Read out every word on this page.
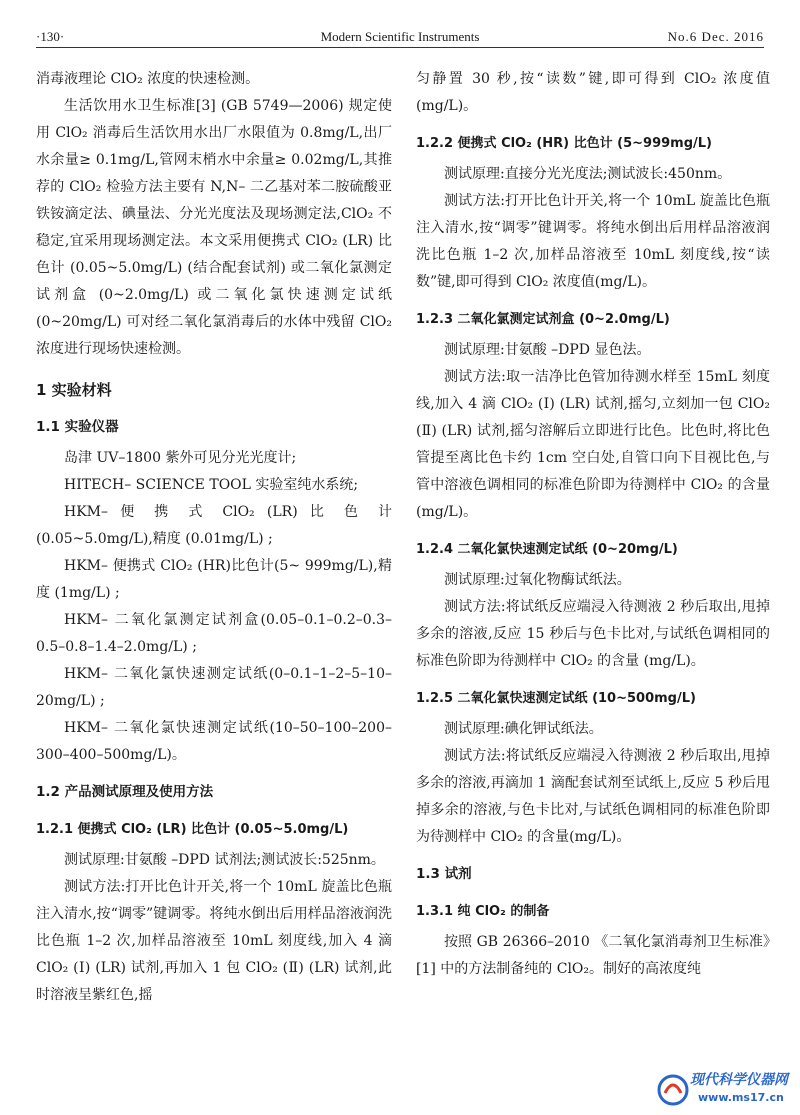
·130·	Modern Scientific Instruments	No.6 Dec. 2016

消毒液理论 ClO₂ 浓度的快速检测。

生活饮用水卫生标准[3] (GB 5749—2006) 规定使用 ClO₂ 消毒后生活饮用水出厂水限值为 0.8mg/L,出厂水余量≥ 0.1mg/L,管网末梢水中余量≥ 0.02mg/L,其推荐的 ClO₂ 检验方法主要有 N,N– 二乙基对苯二胺硫酸亚铁铵滴定法、碘量法、分光光度法及现场测定法,ClO₂ 不稳定,宜采用现场测定法。本文采用便携式 ClO₂ (LR) 比色计 (0.05~5.0mg/L) (结合配套试剂) 或二氧化氯测定试剂盒 (0~2.0mg/L) 或二氧化氯快速测定试纸 (0~20mg/L) 可对经二氧化氯消毒后的水体中残留 ClO₂ 浓度进行现场快速检测。

1 实验材料
1.1 实验仪器

岛津 UV–1800 紫外可见分光光度计;

HITECH– SCIENCE TOOL 实验室纯水系统;

HKM– 便 携 式 ClO₂ (LR) 比 色 计 (0.05~5.0mg/L),精度 (0.01mg/L) ;

HKM– 便携式 ClO₂ (HR)比色计(5~ 999mg/L),精度 (1mg/L) ;

HKM– 二氧化氯测定试剂盒(0.05–0.1–0.2–0.3–0.5–0.8–1.4–2.0mg/L) ;

HKM– 二氧化氯快速测定试纸(0–0.1–1–2–5–10–20mg/L) ;

HKM– 二氧化氯快速测定试纸(10–50–100–200–300–400–500mg/L)。

1.2 产品测试原理及使用方法
1.2.1 便携式 ClO₂ (LR) 比色计 (0.05~5.0mg/L)

测试原理:甘氨酸 –DPD 试剂法;测试波长:525nm。

测试方法:打开比色计开关,将一个 10mL 旋盖比色瓶注入清水,按“调零”键调零。将纯水倒出后用样品溶液润洗比色瓶 1–2 次,加样品溶液至 10mL 刻度线,加入 4 滴 ClO₂ (Ⅰ) (LR) 试剂,再加入 1 包 ClO₂ (Ⅱ) (LR) 试剂,此时溶液呈紫红色,摇

匀静置 30 秒,按“读数”键,即可得到 ClO₂ 浓度值 (mg/L)。

1.2.2 便携式 ClO₂ (HR) 比色计 (5~999mg/L)

测试原理:直接分光光度法;测试波长:450nm。

测试方法:打开比色计开关,将一个 10mL 旋盖比色瓶注入清水,按“调零”键调零。将纯水倒出后用样品溶液润洗比色瓶 1–2 次,加样品溶液至 10mL 刻度线,按“读数”键,即可得到 ClO₂ 浓度值(mg/L)。

1.2.3 二氧化氯测定试剂盒 (0~2.0mg/L)

测试原理:甘氨酸 –DPD 显色法。

测试方法:取一洁净比色管加待测水样至 15mL 刻度线,加入 4 滴 ClO₂ (Ⅰ) (LR) 试剂,摇匀,立刻加一包 ClO₂ (Ⅱ) (LR) 试剂,摇匀溶解后立即进行比色。比色时,将比色管提至离比色卡约 1cm 空白处,自管口向下目视比色,与管中溶液色调相同的标准色阶即为待测样中 ClO₂ 的含量(mg/L)。

1.2.4 二氧化氯快速测定试纸 (0~20mg/L)

测试原理:过氧化物酶试纸法。

测试方法:将试纸反应端浸入待测液 2 秒后取出,甩掉多余的溶液,反应 15 秒后与色卡比对,与试纸色调相同的标准色阶即为待测样中 ClO₂ 的含量 (mg/L)。

1.2.5 二氧化氯快速测定试纸 (10~500mg/L)

测试原理:碘化钾试纸法。

测试方法:将试纸反应端浸入待测液 2 秒后取出,甩掉多余的溶液,再滴加 1 滴配套试剂至试纸上,反应 5 秒后甩掉多余的溶液,与色卡比对,与试纸色调相同的标准色阶即为待测样中 ClO₂ 的含量(mg/L)。

1.3 试剂
1.3.1 纯 ClO₂ 的制备

按照 GB 26366–2010 《二氧化氯消毒剂卫生标准》[1] 中的方法制备纯的 ClO₂。制好的高浓度纯

现代科学仪器网
www.ms17.cn
